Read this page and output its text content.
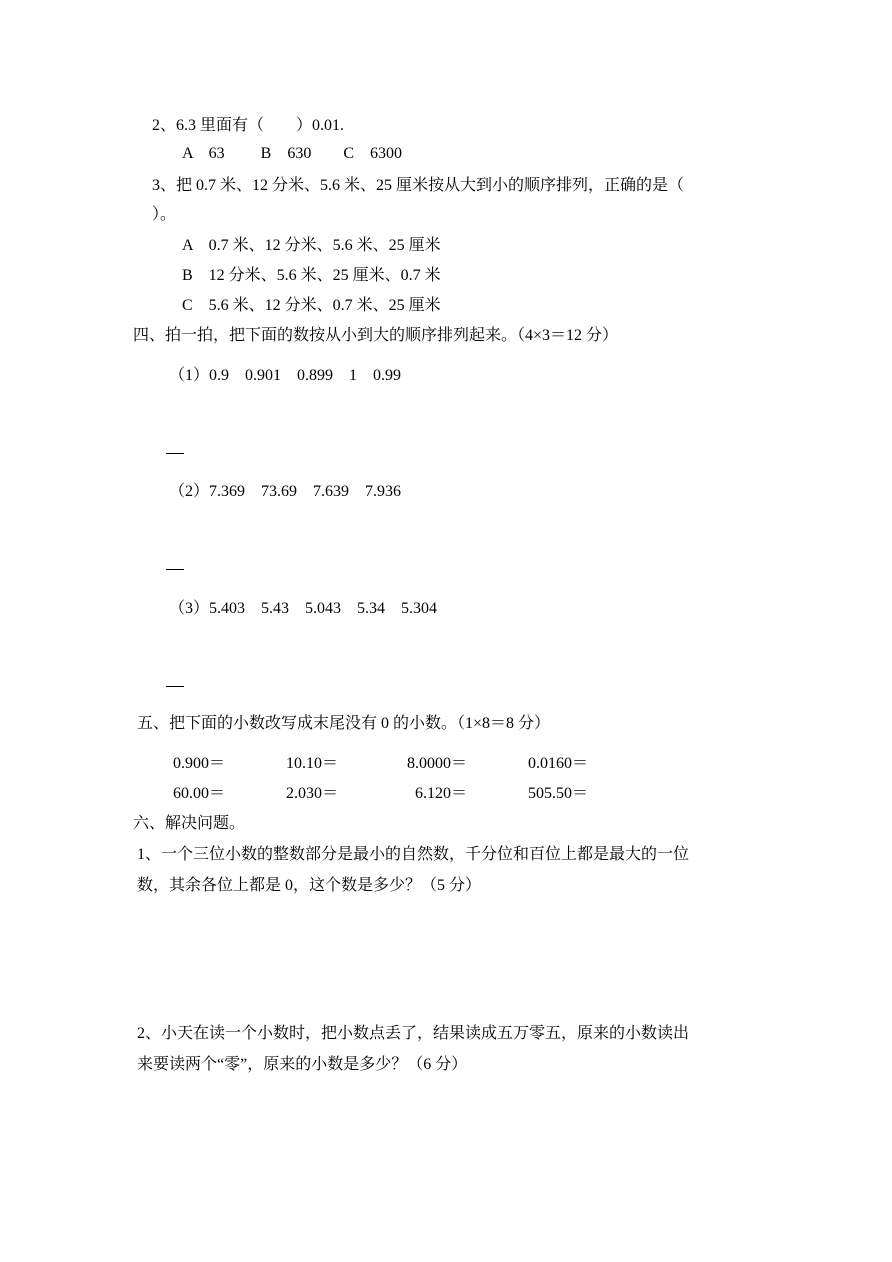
2、6.3 里面有（　　）0.01.
A　63　　 B　630　　C　6300
3、把 0.7 米、12 分米、5.6 米、25 厘米按从大到小的顺序排列，正确的是（
）。
A　0.7 米、12 分米、5.6 米、25 厘米
B　12 分米、5.6 米、25 厘米、0.7 米
C　5.6 米、12 分米、0.7 米、25 厘米
四、拍一拍，把下面的数按从小到大的顺序排列起来。（4×3＝12 分）
（1）0.9　0.901　0.899　1　0.99
（2）7.369　73.69　7.639　7.936
（3）5.403　5.43　5.043　5.34　5.304
五、把下面的小数改写成末尾没有 0 的小数。（1×8＝8 分）
0.900＝	10.10＝	8.0000＝	0.0160＝
60.00＝	2.030＝	6.120＝	505.50＝
六、解决问题。
1、一个三位小数的整数部分是最小的自然数，千分位和百位上都是最大的一位
数，其余各位上都是 0，这个数是多少？（5 分）
2、小天在读一个小数时，把小数点丢了，结果读成五万零五，原来的小数读出
来要读两个“零”，原来的小数是多少？（6 分）
